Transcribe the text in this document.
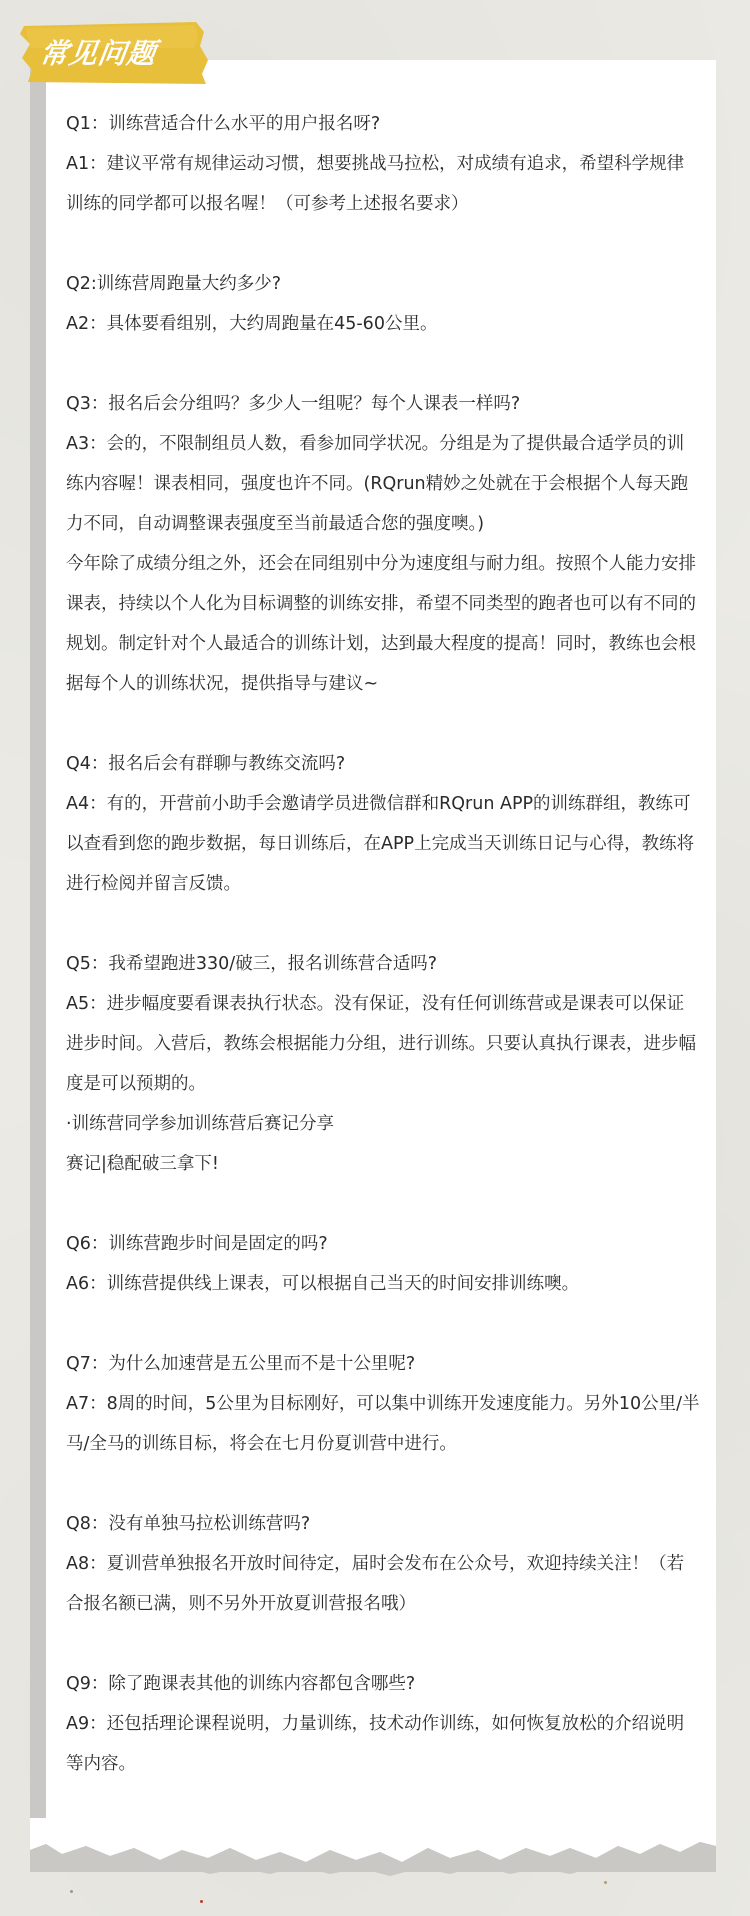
常见问题

Q1：训练营适合什么水平的用户报名呀?

A1：建议平常有规律运动习惯，想要挑战马拉松，对成绩有追求，希望科学规律训练的同学都可以报名喔！（可参考上述报名要求）

Q2:训练营周跑量大约多少?

A2：具体要看组别，大约周跑量在45-60公里。

Q3：报名后会分组吗？多少人一组呢？每个人课表一样吗?

A3：会的，不限制组员人数，看参加同学状况。分组是为了提供最合适学员的训练内容喔！课表相同，强度也许不同。(RQrun精妙之处就在于会根据个人每天跑力不同，自动调整课表强度至当前最适合您的强度噢。)

今年除了成绩分组之外，还会在同组别中分为速度组与耐力组。按照个人能力安排课表，持续以个人化为目标调整的训练安排，希望不同类型的跑者也可以有不同的规划。制定针对个人最适合的训练计划，达到最大程度的提高！同时，教练也会根据每个人的训练状况，提供指导与建议~

Q4：报名后会有群聊与教练交流吗?

A4：有的，开营前小助手会邀请学员进微信群和RQrun APP的训练群组，教练可以查看到您的跑步数据，每日训练后，在APP上完成当天训练日记与心得，教练将进行检阅并留言反馈。

Q5：我希望跑进330/破三，报名训练营合适吗?

A5：进步幅度要看课表执行状态。没有保证，没有任何训练营或是课表可以保证进步时间。入营后，教练会根据能力分组，进行训练。只要认真执行课表，进步幅度是可以预期的。

·训练营同学参加训练营后赛记分享

赛记|稳配破三拿下!

Q6：训练营跑步时间是固定的吗?

A6：训练营提供线上课表，可以根据自己当天的时间安排训练噢。

Q7：为什么加速营是五公里而不是十公里呢?

A7：8周的时间，5公里为目标刚好，可以集中训练开发速度能力。另外10公里/半马/全马的训练目标，将会在七月份夏训营中进行。

Q8：没有单独马拉松训练营吗?

A8：夏训营单独报名开放时间待定，届时会发布在公众号，欢迎持续关注！（若合报名额已满，则不另外开放夏训营报名哦）

Q9：除了跑课表其他的训练内容都包含哪些?

A9：还包括理论课程说明，力量训练，技术动作训练，如何恢复放松的介绍说明等内容。
